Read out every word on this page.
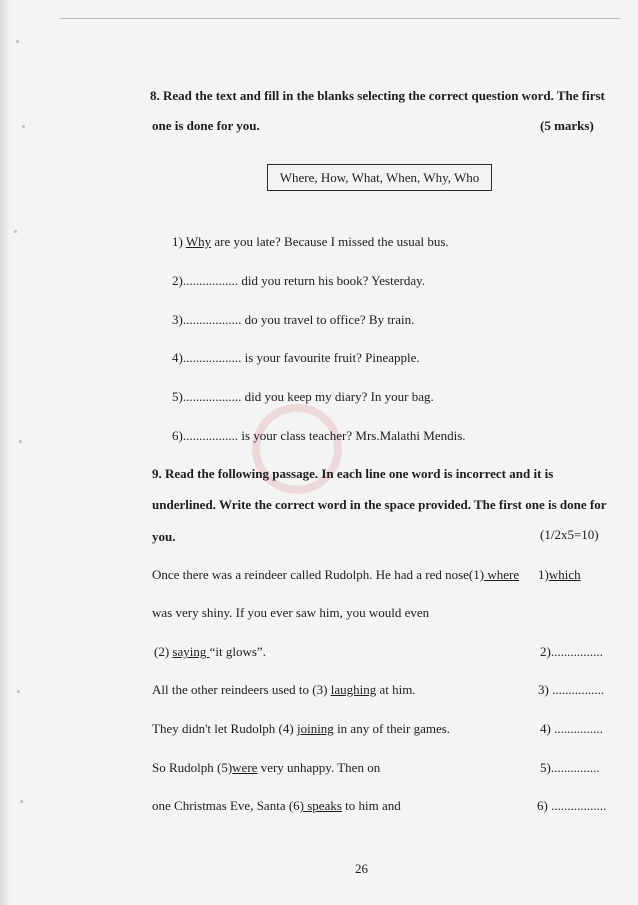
8. Read the text and fill in the blanks selecting the correct question word. The first
one is done for you.	(5 marks)
Where, How, What, When, Why, Who
1) Why are you late? Because I missed the usual bus.
2)................. did you return his book? Yesterday.
3).................. do you travel to office? By train.
4).................. is your favourite fruit? Pineapple.
5).................. did you keep my diary? In your bag.
6)................. is your class teacher? Mrs.Malathi Mendis.
9. Read the following passage. In each line one word is incorrect and it is
underlined. Write the correct word in the space provided. The first one is done for
you.	(1/2x5=10)
Once there was a reindeer called Rudolph. He had a red nose(1) where 1)which
was very shiny. If you ever saw him, you would even
(2) saying “it glows”.	2)................
All the other reindeers used to (3) laughing at him.	3) ................
They didn't let Rudolph (4) joining in any of their games.	4) ...............
So Rudolph (5)were very unhappy. Then on	5)...............
one Christmas Eve, Santa (6) speaks to him and	6) .................
26
